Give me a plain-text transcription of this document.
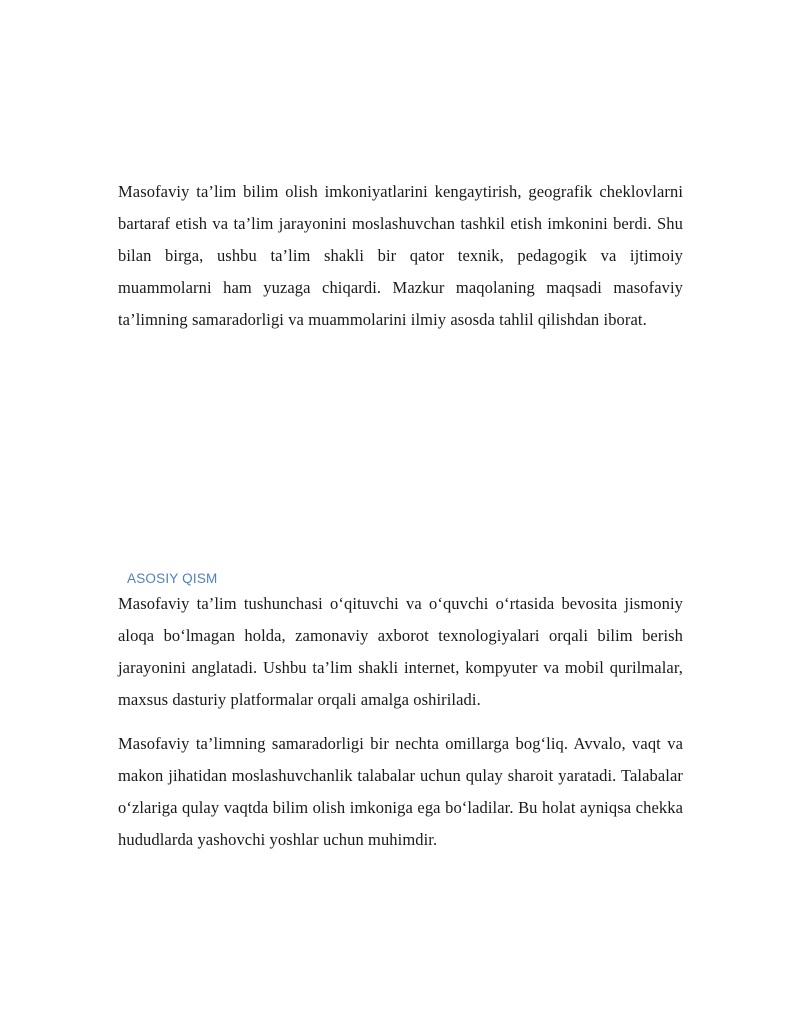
Masofaviy ta’lim bilim olish imkoniyatlarini kengaytirish, geografik cheklovlarni bartaraf etish va ta’lim jarayonini moslashuvchan tashkil etish imkonini berdi. Shu bilan birga, ushbu ta’lim shakli bir qator texnik, pedagogik va ijtimoiy muammolarni ham yuzaga chiqardi. Mazkur maqolaning maqsadi masofaviy ta’limning samaradorligi va muammolarini ilmiy asosda tahlil qilishdan iborat.

ASOSIY QISM

Masofaviy ta’lim tushunchasi o‘qituvchi va o‘quvchi o‘rtasida bevosita jismoniy aloqa bo‘lmagan holda, zamonaviy axborot texnologiyalari orqali bilim berish jarayonini anglatadi. Ushbu ta’lim shakli internet, kompyuter va mobil qurilmalar, maxsus dasturiy platformalar orqali amalga oshiriladi.

Masofaviy ta’limning samaradorligi bir nechta omillarga bog‘liq. Avvalo, vaqt va makon jihatidan moslashuvchanlik talabalar uchun qulay sharoit yaratadi. Talabalar o‘zlariga qulay vaqtda bilim olish imkoniga ega bo‘ladilar. Bu holat ayniqsa chekka hududlarda yashovchi yoshlar uchun muhimdir.
